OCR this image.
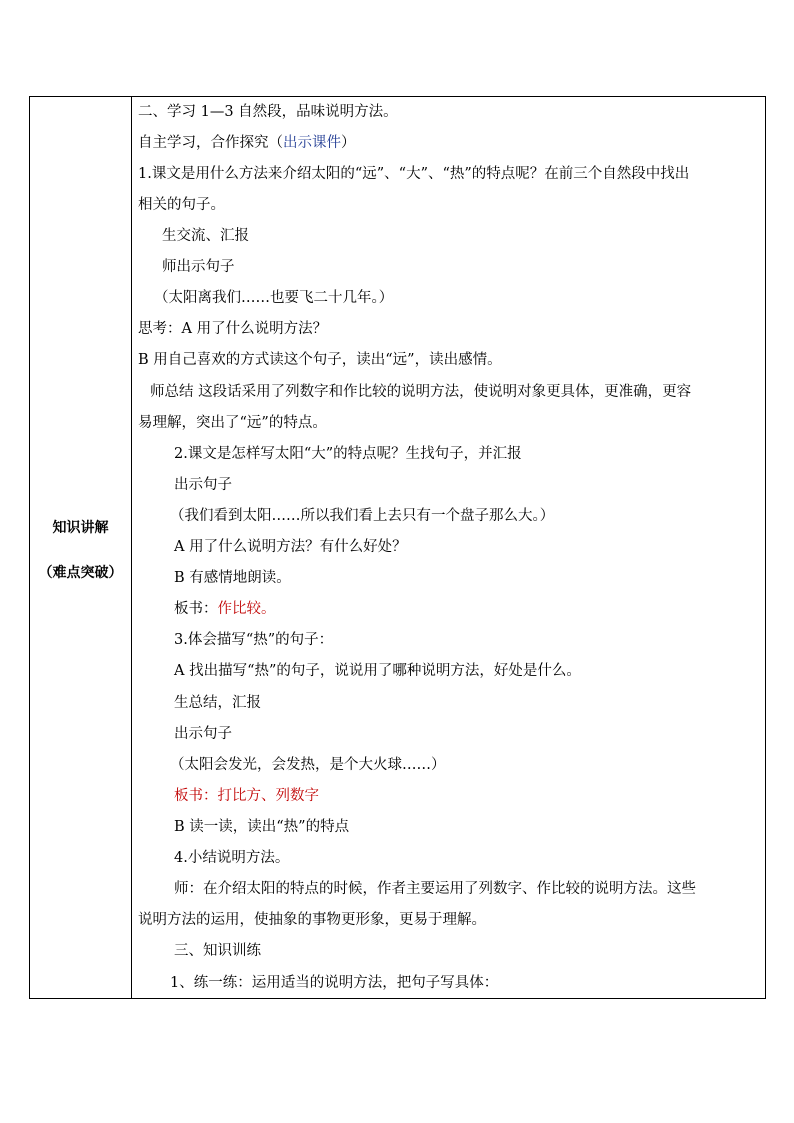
知识讲解
（难点突破）
二、学习 1—3 自然段，品味说明方法。
自主学习，合作探究（出示课件）
1.课文是用什么方法来介绍太阳的“远”、“大”、“热”的特点呢？在前三个自然段中找出
相关的句子。
生交流、汇报
师出示句子
（太阳离我们……也要飞二十几年。）
思考：A 用了什么说明方法？
B 用自己喜欢的方式读这个句子，读出“远”，读出感情。
师总结 这段话采用了列数字和作比较的说明方法，使说明对象更具体，更准确，更容
易理解，突出了“远”的特点。
2.课文是怎样写太阳“大”的特点呢？生找句子，并汇报
出示句子
（我们看到太阳……所以我们看上去只有一个盘子那么大。）
A 用了什么说明方法？有什么好处？
B 有感情地朗读。
板书：作比较。
3.体会描写“热”的句子：
A 找出描写“热”的句子，说说用了哪种说明方法，好处是什么。
生总结，汇报
出示句子
（太阳会发光，会发热，是个大火球……）
板书：打比方、列数字
B 读一读，读出“热”的特点
4.小结说明方法。
师：在介绍太阳的特点的时候，作者主要运用了列数字、作比较的说明方法。这些
说明方法的运用，使抽象的事物更形象，更易于理解。
三、知识训练
1、练一练：运用适当的说明方法，把句子写具体：
